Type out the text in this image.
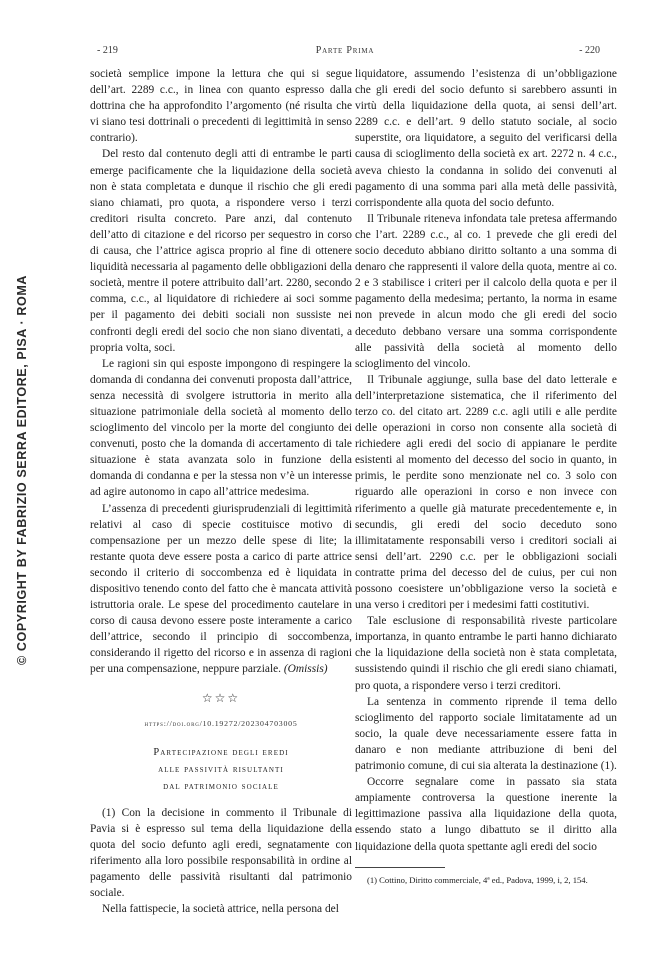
© COPYRIGHT BY FABRIZIO SERRA EDITORE, PISA · ROMA
- 219	Parte Prima	- 220

società semplice impone la lettura che qui si segue dell’art. 2289 c.c., in linea con quanto espresso dalla dottrina che ha approfondito l’argomento (né risulta che vi siano tesi dottrinali o precedenti di legittimità in senso contrario).

Del resto dal contenuto degli atti di entrambe le parti emerge pacificamente che la liquidazione della società non è stata completata e dunque il rischio che gli eredi siano chiamati, pro quota, a rispondere verso i terzi creditori risulta concreto. Pare anzi, dal contenuto dell’atto di citazione e del ricorso per sequestro in corso di causa, che l’attrice agisca proprio al fine di ottenere liquidità necessaria al pagamento delle obbligazioni della società, mentre il potere attribuito dall’art. 2280, secondo comma, c.c., al liquidatore di richiedere ai soci somme per il pagamento dei debiti sociali non sussiste nei confronti degli eredi del socio che non siano diventati, a propria volta, soci.

Le ragioni sin qui esposte impongono di respingere la domanda di condanna dei convenuti proposta dall’attrice, senza necessità di svolgere istruttoria in merito alla situazione patrimoniale della società al momento dello scioglimento del vincolo per la morte del congiunto dei convenuti, posto che la domanda di accertamento di tale situazione è stata avanzata solo in funzione della domanda di condanna e per la stessa non v’è un interesse ad agire autonomo in capo all’attrice medesima.

L’assenza di precedenti giurisprudenziali di legittimità relativi al caso di specie costituisce motivo di compensazione per un mezzo delle spese di lite; la restante quota deve essere posta a carico di parte attrice secondo il criterio di soccombenza ed è liquidata in dispositivo tenendo conto del fatto che è mancata attività istruttoria orale. Le spese del procedimento cautelare in corso di causa devono essere poste interamente a carico dell’attrice, secondo il principio di soccombenza, considerando il rigetto del ricorso e in assenza di ragioni per una compensazione, neppure parziale. (Omissis)

☆☆☆
https://doi.org/10.19272/202304703005
Partecipazione degli eredi
alle passività risultanti
dal patrimonio sociale

(1) Con la decisione in commento il Tribunale di Pavia si è espresso sul tema della liquidazione della quota del socio defunto agli eredi, segnatamente con riferimento alla loro possibile responsabilità in ordine al pagamento delle passività risultanti dal patrimonio sociale.

Nella fattispecie, la società attrice, nella persona del

liquidatore, assumendo l’esistenza di un’obbligazione che gli eredi del socio defunto si sarebbero assunti in virtù della liquidazione della quota, ai sensi dell’art. 2289 c.c. e dell’art. 9 dello statuto sociale, al socio superstite, ora liquidatore, a seguito del verificarsi della causa di scioglimento della società ex art. 2272 n. 4 c.c., aveva chiesto la condanna in solido dei convenuti al pagamento di una somma pari alla metà delle passività, corrispondente alla quota del socio defunto.

Il Tribunale riteneva infondata tale pretesa affermando che l’art. 2289 c.c., al co. 1 prevede che gli eredi del socio deceduto abbiano diritto soltanto a una somma di denaro che rappresenti il valore della quota, mentre ai co. 2 e 3 stabilisce i criteri per il calcolo della quota e per il pagamento della medesima; pertanto, la norma in esame non prevede in alcun modo che gli eredi del socio deceduto debbano versare una somma corrispondente alle passività della società al momento dello scioglimento del vincolo.

Il Tribunale aggiunge, sulla base del dato letterale e dell’interpretazione sistematica, che il riferimento del terzo co. del citato art. 2289 c.c. agli utili e alle perdite delle operazioni in corso non consente alla società di richiedere agli eredi del socio di appianare le perdite esistenti al momento del decesso del socio in quanto, in primis, le perdite sono menzionate nel co. 3 solo con riguardo alle operazioni in corso e non invece con riferimento a quelle già maturate precedentemente e, in secundis, gli eredi del socio deceduto sono illimitatamente responsabili verso i creditori sociali ai sensi dell’art. 2290 c.c. per le obbligazioni sociali contratte prima del decesso del de cuius, per cui non possono coesistere un’obbligazione verso la società e una verso i creditori per i medesimi fatti costitutivi.

Tale esclusione di responsabilità riveste particolare importanza, in quanto entrambe le parti hanno dichiarato che la liquidazione della società non è stata completata, sussistendo quindi il rischio che gli eredi siano chiamati, pro quota, a rispondere verso i terzi creditori.

La sentenza in commento riprende il tema dello scioglimento del rapporto sociale limitatamente ad un socio, la quale deve necessariamente essere fatta in danaro e non mediante attribuzione di beni del patrimonio comune, di cui sia alterata la destinazione (1).

Occorre segnalare come in passato sia stata ampiamente controversa la questione inerente la legittimazione passiva alla liquidazione della quota, essendo stato a lungo dibattuto se il diritto alla liquidazione della quota spettante agli eredi del socio

(1) Cottino, Diritto commerciale, 4ª ed., Padova, 1999, i, 2, 154.
